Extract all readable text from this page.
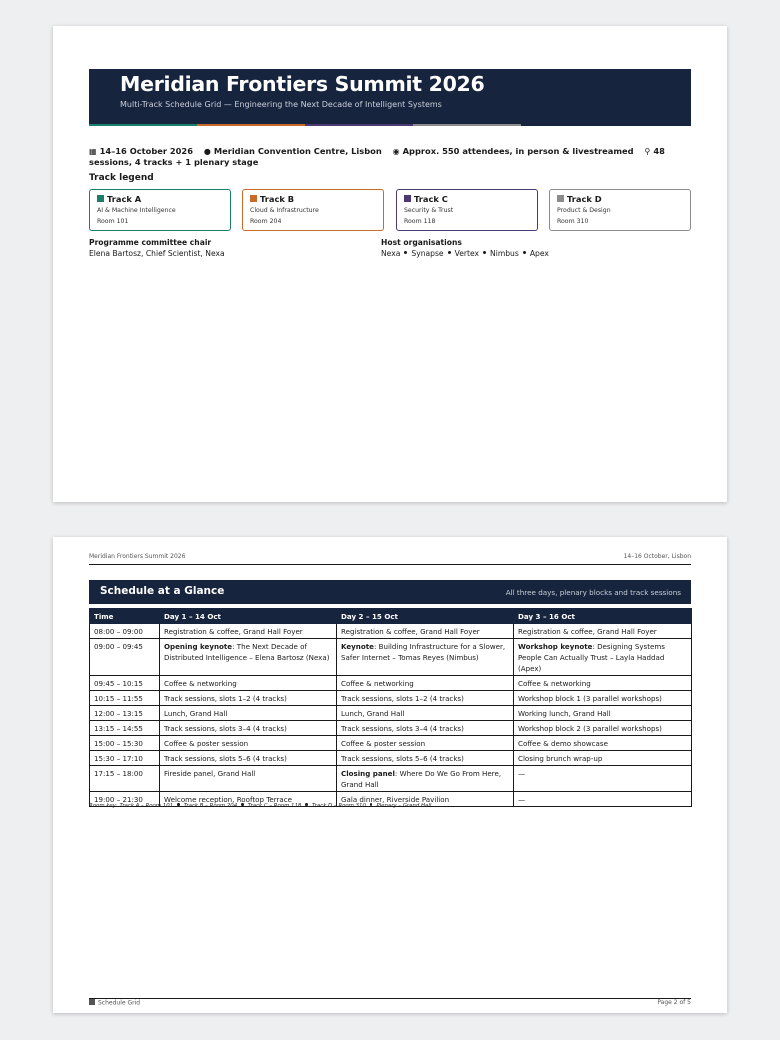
Meridian Frontiers Summit 2026
Multi-Track Schedule Grid — Engineering the Next Decade of Intelligent Systems
▦ 14–16 October 2026 ● Meridian Convention Centre, Lisbon ◉ Approx. 550 attendees, in person & livestreamed ⚲ 48 sessions, 4 tracks + 1 plenary stage
Track legend
Track A
AI & Machine Intelligence
Room 101
Track B
Cloud & Infrastructure
Room 204
Track C
Security & Trust
Room 118
Track D
Product & Design
Room 310
Programme committee chair
Elena Bartosz, Chief Scientist, Nexa
Host organisations
Nexa Synapse Vertex Nimbus Apex
Meridian Frontiers Summit 2026	14–16 October, Lisbon
Schedule at a Glance	All three days, plenary blocks and track sessions
Time	Day 1 – 14 Oct	Day 2 – 15 Oct	Day 3 – 16 Oct
08:00 – 09:00	Registration & coffee, Grand Hall Foyer	Registration & coffee, Grand Hall Foyer	Registration & coffee, Grand Hall Foyer
09:00 – 09:45	Opening keynote: The Next Decade of Distributed Intelligence – Elena Bartosz (Nexa)	Keynote: Building Infrastructure for a Slower, Safer Internet – Tomas Reyes (Nimbus)	Workshop keynote: Designing Systems People Can Actually Trust – Layla Haddad (Apex)
09:45 – 10:15	Coffee & networking	Coffee & networking	Coffee & networking
10:15 – 11:55	Track sessions, slots 1–2 (4 tracks)	Track sessions, slots 1–2 (4 tracks)	Workshop block 1 (3 parallel workshops)
12:00 – 13:15	Lunch, Grand Hall	Lunch, Grand Hall	Working lunch, Grand Hall
13:15 – 14:55	Track sessions, slots 3–4 (4 tracks)	Track sessions, slots 3–4 (4 tracks)	Workshop block 2 (3 parallel workshops)
15:00 – 15:30	Coffee & poster session	Coffee & poster session	Coffee & demo showcase
15:30 – 17:10	Track sessions, slots 5–6 (4 tracks)	Track sessions, slots 5–6 (4 tracks)	Closing brunch wrap-up
17:15 – 18:00	Fireside panel, Grand Hall	Closing panel: Where Do We Go From Here, Grand Hall	—
19:00 – 21:30	Welcome reception, Rooftop Terrace	Gala dinner, Riverside Pavilion	—
Room key: Track A – Room 101 Track B – Room 204 Track C – Room 118 Track D – Room 310 Plenary – Grand Hall.
Schedule Grid	Page 2 of 5
